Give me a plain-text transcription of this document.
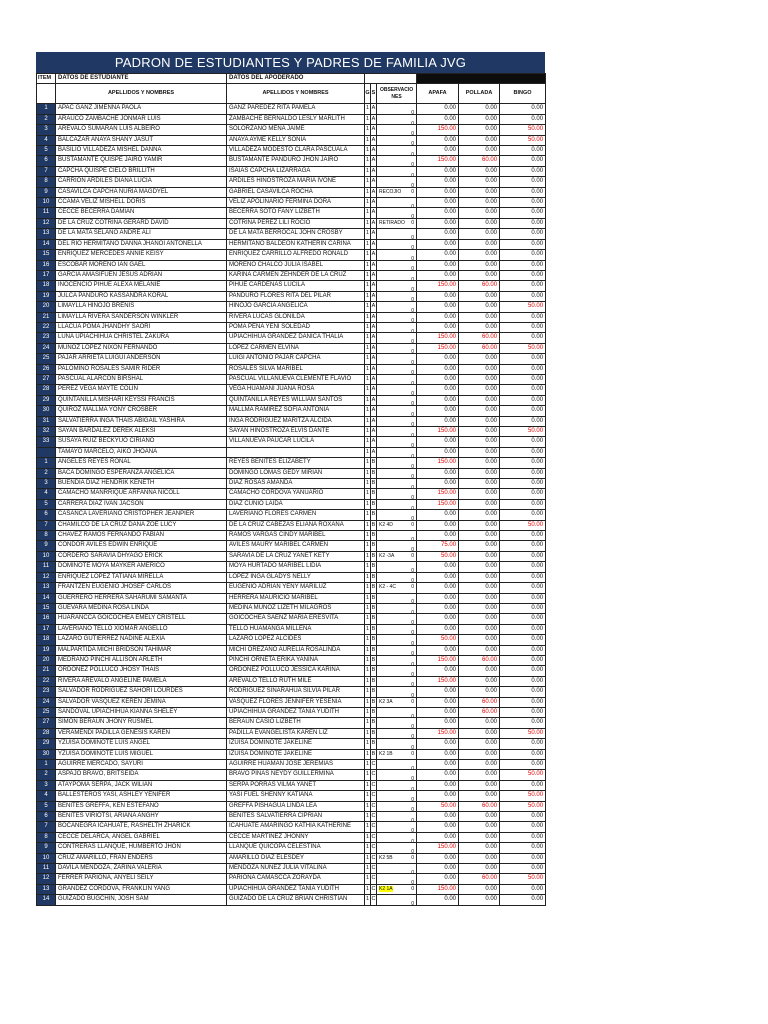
PADRON DE ESTUDIANTES Y PADRES DE FAMILIA JVG
ITEM	DATOS DE ESTUDIANTE	DATOS DEL APODERADO						
	APELLIDOS Y NOMBRES	APELLIDOS Y NOMBRES	G	S	OBSERVACIO NES	APAFA	POLLADA	BINGO
1	APAC GANZ JIMENNA PAOLA	GANZ PAREDEZ RITA PAMELA	1	A	0	0.00	0.00	0.00
2	ARAUCO ZAMBACHE JONMAR LUIS	ZAMBACHE BERNALDO LESLY MARLITH	1	A	0	0.00	0.00	0.00
3	AREVALO SUMARAN LUIS ALBEIRO	SOLORZANO MENA JAIME	1	A	0	150.00	0.00	50.00
4	BALCAZAR ANAYA SHANY JASUT	ANAYA AYME KELLY SONIA	1	A	0	0.00	0.00	50.00
5	BASILIO VILLADEZA MISHEL DANNA	VILLADEZA MODESTO CLARA PASCUALA	1	A	0	0.00	0.00	0.00
6	BUSTAMANTE QUISPE JAIRO YAMIR	BUSTAMANTE PANDURO JHON JAIRO	1	A	0	150.00	60.00	0.00
7	CAPCHA QUISPE CIELO BRILLITH	ISAIAS CAPCHA LIZARRAGA	1	A	0	0.00	0.00	0.00
8	CARRION ARDILES DIANA LUCIA	ARDILES HINOSTROZA MARIA IVONE	1	A	0	0.00	0.00	0.00
9	CASAVILCA CAPCHA NURIA MAGDYEL	GABRIEL CASAVILCA ROCHA	1	A	RECOJIO 0	0.00	0.00	0.00
10	CCAMA VELIZ MISHELL DORIS	VELIZ APOLINARIO FERMINA DORA	1	A	0	0.00	0.00	0.00
11	CECCE BECERRA DAMIAN	BECERRA SOTO FANY LIZBETH	1	A	0	0.00	0.00	0.00
12	DE LA CRUZ COTRINA GERARD DAVID	COTRINA PEREZ LILI ROCIO	1	A	RETIRADO 0	0.00	0.00	0.00
13	DE LA MATA SELANO ANDRE ALI	DE LA MATA BERROCAL JOHN CROSBY	1	A	0	0.00	0.00	0.00
14	DEL RIO HERMITANO DANNA JHANOI ANTONELLA	HERMITANO BALDEON KATHERIN CARINA	1	A	0	0.00	0.00	0.00
15	ENRIQUEZ MERCEDES ANNIE KEISY	ENRIQUEZ CARRILLO ALFREDO RONALD	1	A	0	0.00	0.00	0.00
16	ESCOBAR MORENO IAN GAEL	MORENO CHALCO JULIA ISABEL	1	A	0	0.00	0.00	0.00
17	GARCIA AMASIFUEN JESUS ADRIAN	KARINA CARMEN ZEHNDER DE LA CRUZ	1	A	0	0.00	0.00	0.00
18	INOCENCIO PIHUE ALEXA MELANIE	PIHUE CARDENAS LUCILA	1	A	0	150.00	60.00	0.00
19	JULCA PANDURO KASSANDRA KORAL	PANDURO FLORES RITA DEL PILAR	1	A	0	0.00	0.00	0.00
20	LIMAYLLA HINOJO BRENIS	HINOJO GARCIA ANGELICA	1	A	0	0.00	0.00	50.00
21	LIMAYLLA RIVERA SANDERSON WINKLER	RIVERA LUCAS GLONILDA	1	A	0	0.00	0.00	0.00
22	LLACUA POMA JHANDHY SAORI	POMA PENA YENI SOLEDAD	1	A	0	0.00	0.00	0.00
23	LUNA UPIACHIHUA CHRISTEL ZAKURA	UPIACHIHUA GRANDEZ DANICA THALIA	1	A	0	150.00	60.00	0.00
24	MUNOZ LOPEZ NIXON FERNANDO	LOPEZ CARMEN ELVINA	1	A	0	150.00	60.00	50.00
25	PAJAR ARRIETA LUIGUI ANDERSON	LUIGI ANTONIO PAJAR CAPCHA	1	A	0	0.00	0.00	0.00
26	PALOMINO ROSALES SAMIR RIDER	ROSALES SILVA MARIBEL	1	A	0	0.00	0.00	0.00
27	PASCUAL ALARCON BIRSHAL	PASCUAL VILLANUEVA CLEMENTE FLAVIO	1	A	0	0.00	0.00	0.00
28	PEREZ VEGA MAYTE COLIN	VEGA HUAMANI JUANA ROSA	1	A	0	0.00	0.00	0.00
29	QUINTANILLA MISHARI KEYSSI FRANCIS	QUINTANILLA REYES WILLIAM SANTOS	1	A	0	0.00	0.00	0.00
30	QUIROZ MALLMA YONY CROSBER	MALLMA RAMIREZ SOFIA ANTONIA	1	A	0	0.00	0.00	0.00
31	SALVATIERRA INGA THAIS ABIGAIL YASHIRA	INGA RODRIGUEZ MARITZA ALCIDA	1	A	0	0.00	0.00	0.00
32	SAYAN BARDALEZ DEREK ALEKSI	SAYAN HINOSTROZA ELVIS DANTE	1	A	0	150.00	0.00	50.00
33	SUSAYA RUIZ BECKYUO CIRIANO	VILLANUEVA PAUCAR LUCILA	1	A	0	0.00	0.00	0.00
	TAMAYO MARCELO, AIKO JHOANA		1	A	0	0.00	0.00	0.00
1	ANGELES REYES RONAL	REYES BENITES ELIZABETY	1	B	0	150.00	0.00	0.00
2	BACA DOMINGO ESPERANZA ANGELICA	DOMINGO LOMAS GEDY MIRIAN	1	B	0	0.00	0.00	0.00
3	BUENDIA DIAZ HENDRIK KENETH	DIAZ ROSAS AMANDA	1	B	0	0.00	0.00	0.00
4	CAMACHO MANRRIQUE ARFANNA NICOLL	CAMACHO CORDOVA YANUARIO	1	B	0	150.00	0.00	0.00
5	CARRERA DIAZ IVAN JACSON	DIAZ CUNIO LAIDA	1	B	0	150.00	0.00	0.00
6	CASANCA LAVERIANO CRISTOPHER JEANPIER	LAVERIANO FLORES CARMEN	1	B	0	0.00	0.00	0.00
7	CHAMILCO DE LA CRUZ DANA ZOE LUCY	DE LA CRUZ CABEZAS ELIANA ROXANA	1	B	K2 4D 0	0.00	0.00	50.00
8	CHAVEZ RAMOS FERNANDO FABIAN	RAMOS VARGAS CINDY MARIBEL	1	B	0	0.00	0.00	0.00
9	CONDOR AVILES EDWIN ENRIQUE	AVILES MAURY MARIBEL CARMEN	1	B	0	75.00	0.00	0.00
10	CORDERO SARAVIA DHYAGO ERICK	SARAVIA DE LA CRUZ YANET KETY	1	B	K2 -3A 0	50.00	0.00	0.00
11	DOMINOTE MOYA MAYKER AMERICO	MOYA HURTADO MARIBEL LIDIA	1	B	0	0.00	0.00	0.00
12	ENRIQUEZ LOPEZ TATIANA MIRELLA	LOPEZ INGA GLADYS NELLY	1	B	0	0.00	0.00	0.00
13	FRANTZEN EUGENIO JHOSEF CARLOS	EUGENIO ADRIAN YENY MARILUZ	1	B	K2 - 4C 0	0.00	0.00	0.00
14	GUERRERO HERRERA SAHARUMI SAMANTA	HERRERA MAURICIO MARIBEL	1	B	0	0.00	0.00	0.00
15	GUEVARA MEDINA ROSA LINDA	MEDINA MUNOZ LIZETH MILAGROS	1	B	0	0.00	0.00	0.00
16	HUARANCCA GOICOCHEA EMELY CRISTELL	GOICOCHEA SAENZ MARIA ERESVITA	1	B	0	0.00	0.00	0.00
17	LAVERIANO TELLO XIOMAR ANGELLO	TELLO HUAMANGA MILLENA	1	B	0	0.00	0.00	0.00
18	LAZARO GUTIERREZ NADINE ALEXIA	LAZARO LOPEZ ALCIDES	1	B	0	50.00	0.00	0.00
19	MALPARTIDA MICHI BRIDSON TAHIMAR	MICHI OREZANO AURELIA ROSALINDA	1	B	0	0.00	0.00	0.00
20	MEDRANO PINCHI ALLISON ARLETH	PINCHI ORNETA ERIKA YANINA	1	B	0	150.00	60.00	0.00
21	ORDONEZ POLLUCO JHOSY THAIS	ORDONEZ POLLUCO JESSICA KARINA	1	B	0	0.00	0.00	0.00
22	RIVERA AREVALO ANGELINE PAMELA	AREVALO TELLO RUTH MILE	1	B	0	150.00	0.00	0.00
23	SALVADOR RODRIGUEZ SAHORI LOURDES	RODRIGUEZ SINARAHUA SILVIA PILAR	1	B	0	0.00	0.00	0.00
24	SALVADOR VASQUEZ KEREN JEMINA	VASQUEZ FLORES JENNIFER YESENIA	1	B	K2 3A 0	0.00	60.00	0.00
25	SANDOVAL UPIACHIHUA KIANNA SHELEY	UPIACHIHUA GRANDEZ TANIA YUDITH	1	B	0	0.00	60.00	0.00
27	SIMON BERAUN JHONY RUSMEL	BERAUN CASIO LIZBETH	1	B	0	0.00	0.00	0.00
28	VERAMENDI PADILLA GENESIS KAREN	PADILLA EVANGELISTA KAREN LIZ	1	B	0	150.00	0.00	50.00
29	YZUISA DOMINOTE LUIS ANGEL	IZUISA DOMINOTE JAKELINE	1	B	0	0.00	0.00	0.00
30	YZUISA DOMINOTE LUIS MIGUEL	IZUISA DOMINOTE JAKELINE	1	B	K2 1B 0	0.00	0.00	0.00
1	AGUIRRE MERCADO, SAYURI	AGUIRRE HUAMAN JOSE JEREMIAS	1	C	0	0.00	0.00	0.00
2	ASPAJO BRAVO, BRITSEIDA	BRAVO PINAS NEYDY GUILLERMINA	1	C	0	0.00	0.00	50.00
3	ATAYPOMA SERPA, JACK WILIAN	SERPA PORRAS VILMA YANET	1	C	0	0.00	0.00	0.00
4	BALLESTEROS YASI, ASHLEY YENIFER	YASI FUEL SHENNY KATIANA	1	C	0	0.00	0.00	50.00
5	BENITES GREFFA, KEN ESTEFANO	GREFFA PISHAGUA LINDA LEA	1	C	0	50.00	60.00	50.00
6	BENITES VIRIOTSI, ARIANA ANGHY	BENITES SALVATIERRA CIPRIAN	1	C	0	0.00	0.00	0.00
7	BOCANEGRA ICAHUATE, RASHELTH ZHARICK	ICAHUATE AMARINGO KATHIA KATHERINE	1	C	0	0.00	0.00	0.00
8	CECCE DELARCA, ANGEL GABRIEL	CECCE MARTINEZ JHONNY	1	C	0	0.00	0.00	0.00
9	CONTRERAS LLANQUE, HUMBERTO JHON	LLANQUE QUICOPA CELESTINA	1	C	0	150.00	0.00	0.00
10	CRUZ AMARILLO, FRAN ENDERS	AMARILLO DIAZ ELESDEY	1	C	K2 5B 0	0.00	0.00	0.00
11	DAVILA MENDOZA, ZARINA VALERIA	MENDOZA NUNEZ JULIA VITALINA	1	C	0	0.00	0.00	0.00
12	FERRER PARIONA, ANYELI SEILY	PARIONA CAMASCCA ZORAYDA	1	C	0	0.00	60.00	50.00
13	GRANDEZ CORDOVA, FRANKLIN YANG	UPIACHIHUA GRANDEZ TANIA YUDITH	1	C	K2 1A 0	150.00	0.00	0.00
14	GUIZADO BUGCHIN, JOSH SAM	GUIZADO DE LA CRUZ BRIAN CHRISTIAN	1	C	0	0.00	0.00	0.00
